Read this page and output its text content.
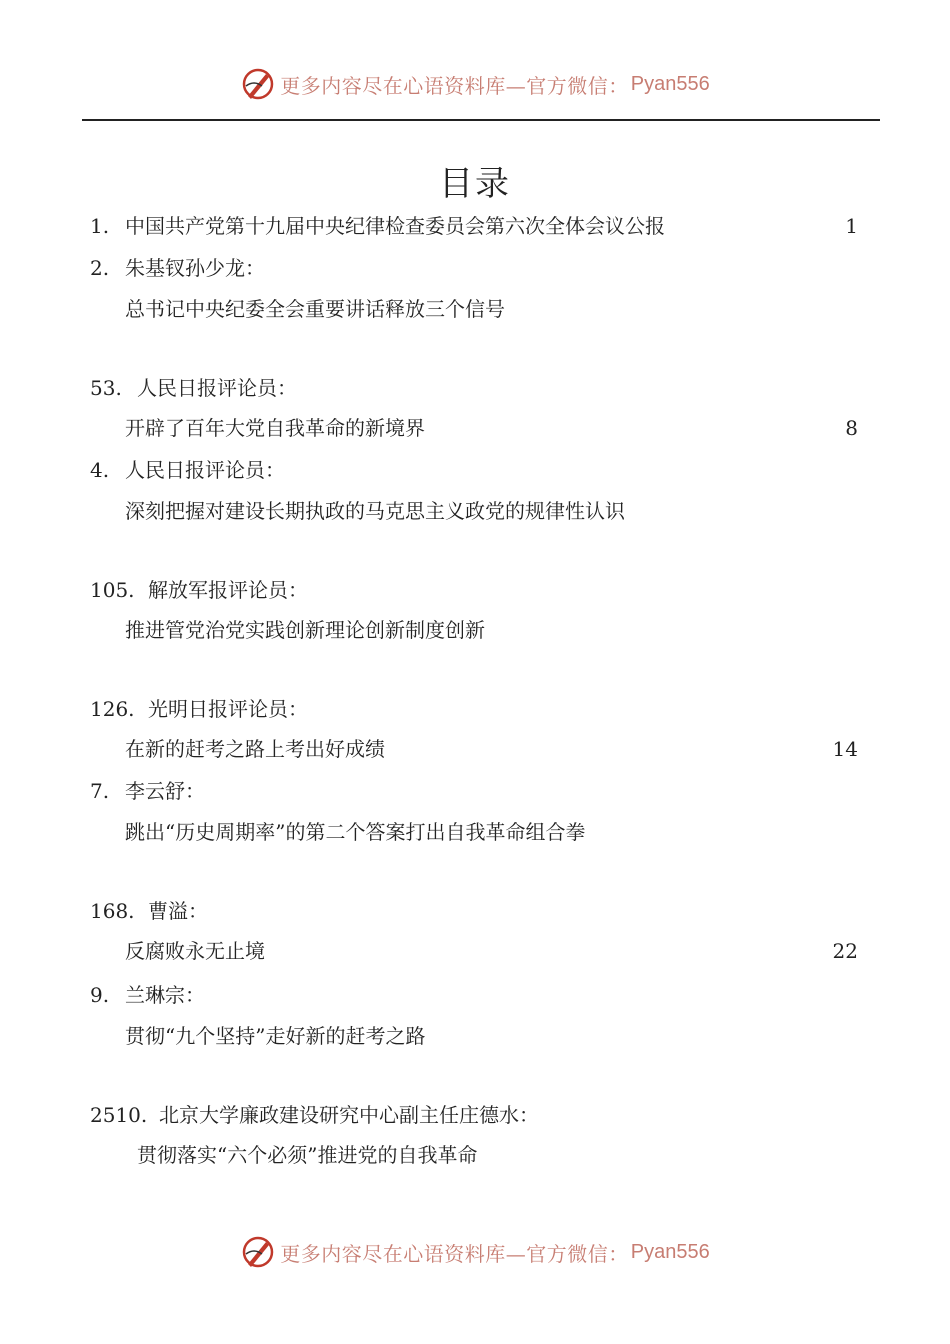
更多内容尽在心语资料库—官方微信： Pyan556
目录
1. 中国共产党第十九届中央纪律检查委员会第六次全体会议公报	1
2. 朱基钗孙少龙：
总书记中央纪委全会重要讲话释放三个信号
53. 人民日报评论员：
开辟了百年大党自我革命的新境界	8
4. 人民日报评论员：
深刻把握对建设长期执政的马克思主义政党的规律性认识
105. 解放军报评论员：
推进管党治党实践创新理论创新制度创新
126. 光明日报评论员：
在新的赶考之路上考出好成绩	14
7. 李云舒：
跳出“历史周期率”的第二个答案打出自我革命组合拳
168. 曹溢：
反腐败永无止境	22
9. 兰琳宗：
贯彻“九个坚持”走好新的赶考之路
2510. 北京大学廉政建设研究中心副主任庄德水：
贯彻落实“六个必须”推进党的自我革命
更多内容尽在心语资料库—官方微信： Pyan556
